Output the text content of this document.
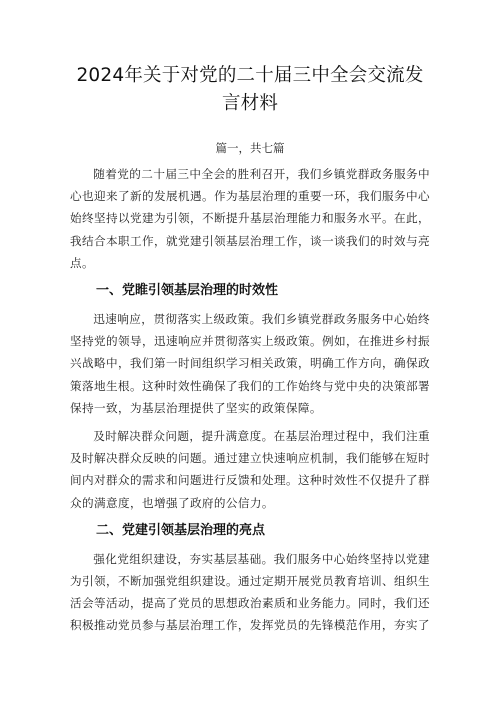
2024年关于对党的二十届三中全会交流发
言材料

篇一，共七篇

随着党的二十届三中全会的胜利召开，我们乡镇党群政务服务中心也迎来了新的发展机遇。作为基层治理的重要一环，我们服务中心始终坚持以党建为引领，不断提升基层治理能力和服务水平。在此，我结合本职工作，就党建引领基层治理工作，谈一谈我们的时效与亮点。

一、党睢引领基层治理的时效性

迅速响应，贯彻落实上级政策。我们乡镇党群政务服务中心始终坚持党的领导，迅速响应并贯彻落实上级政策。例如，在推进乡村振兴战略中，我们第一时间组织学习相关政策，明确工作方向，确保政策落地生根。这种时效性确保了我们的工作始终与党中央的决策部署保持一致，为基层治理提供了坚实的政策保障。

及时解决群众问题，提升满意度。在基层治理过程中，我们注重及时解决群众反映的问题。通过建立快速响应机制，我们能够在短时间内对群众的需求和问题进行反馈和处理。这种时效性不仅提升了群众的满意度，也增强了政府的公信力。

二、党建引领基层治理的亮点

强化党组织建设，夯实基层基础。我们服务中心始终坚持以党建为引领，不断加强党组织建设。通过定期开展党员教育培训、组织生活会等活动，提高了党员的思想政治素质和业务能力。同时，我们还积极推动党员参与基层治理工作，发挥党员的先锋模范作用，夯实了
